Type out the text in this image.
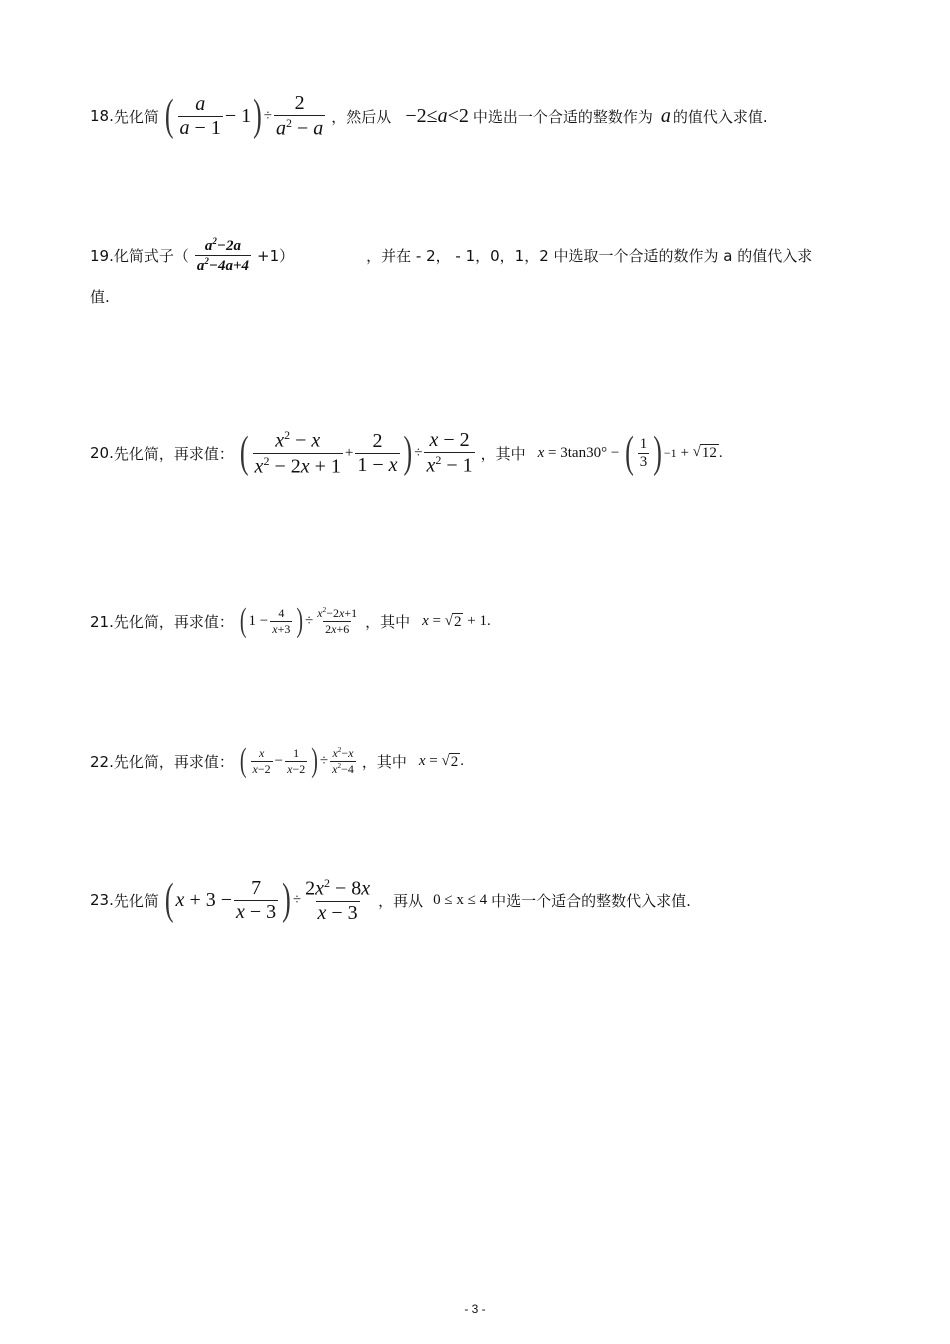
18. 先化简 ( $\frac{a}{a - 1} - 1$ ) ÷ $\frac{2}{a^2 - a}$ ，然后从 −2≤ a <2 中选出一个合适的整数作为 a 的值代入求值.
19. 化简式子（ $\frac{a^2-2a}{a^2-4a+4} +1$）	，并在 ‑ 2， ‑ 1，0，1，2 中选取一个合适的数作为 a 的值代入求
值.
20. 先化简，再求值： ( $\frac{x^2 - x}{x^2 - 2x + 1} + \frac{2}{1 - x}$ ) ÷ $\frac{x - 2}{x^2 - 1}$ ，其中 x
= 3tan30° − ( $\frac{1}{3}$ ) −1 + √ 12 .
21. 先化简，再求值： ( $1 - \frac{4}{x+3}$ ) ÷ $\frac{x^2-2x+1}{2x+6}$ ，其中 x
=
√ 2 + 1 .
22. 先化简，再求值： ( $\frac{x}{x-2} - \frac{1}{x-2}$ ) ÷ $\frac{x^2-x}{x^2-4}$ ，其中 x
=
√ 2 .
23. 先化简 ( $x + 3 - \frac{7}{x - 3}$ ) ÷ $\frac{2x^2 - 8x}{x - 3}$ ，再从 0 ≤ x ≤ 4 中选一个适合的整数代入求值.
- 3 -
